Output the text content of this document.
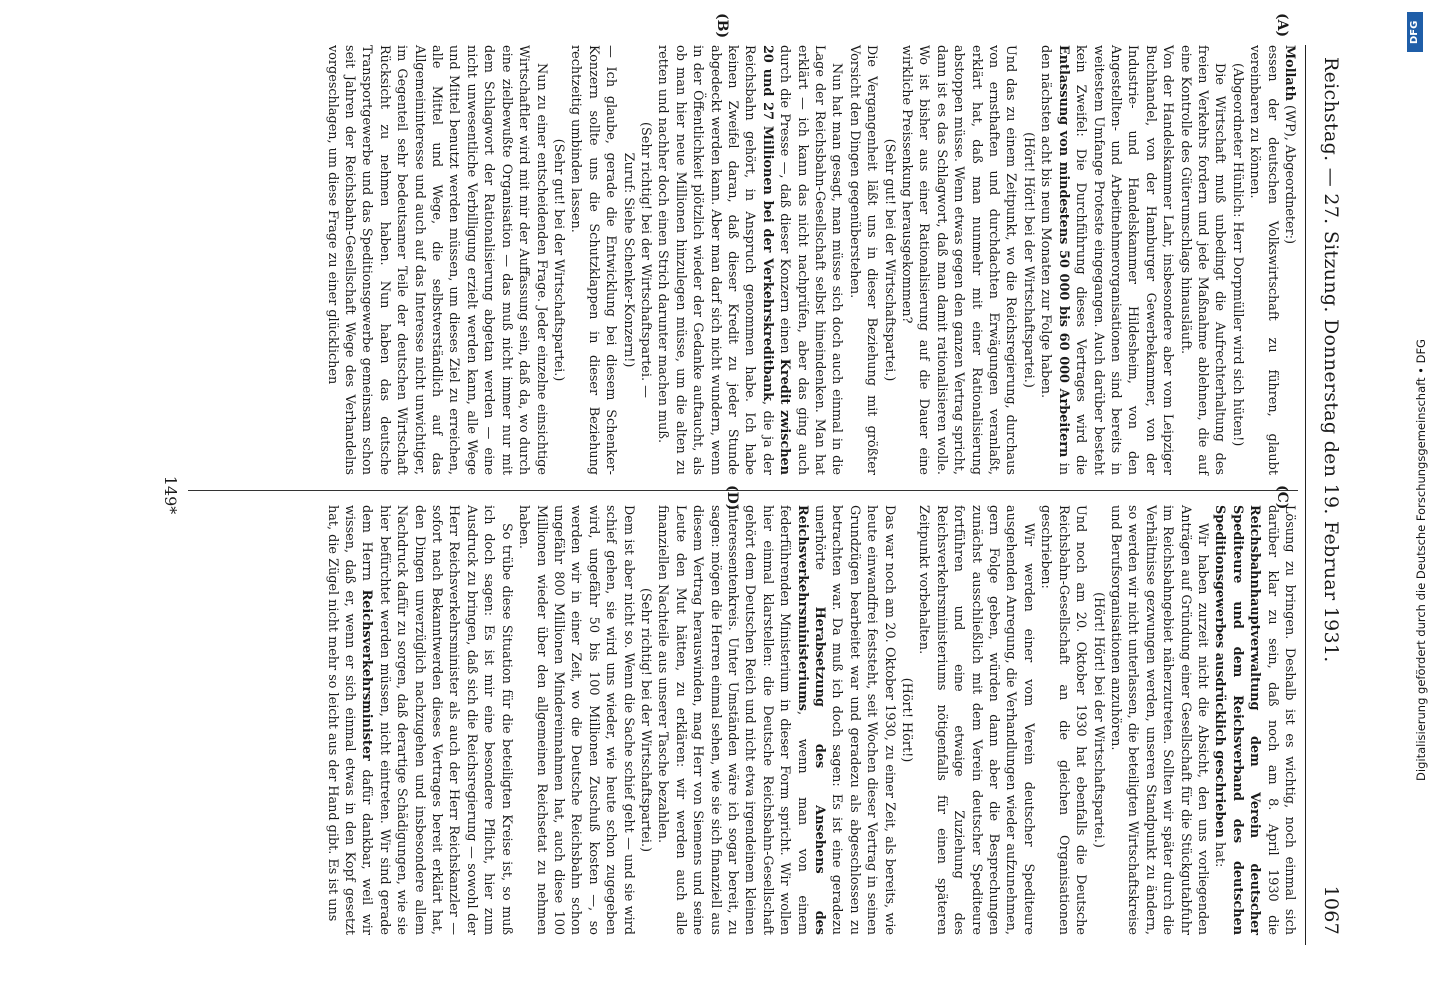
Reichstag. — 27. Sitzung. Donnerstag den 19. Februar 1931.
1067

Mollath (WP), Abgeordneter:)

essen der deutschen Volkswirtschaft zu führen, glaubt vereinbaren zu können.

(Abgeordneter Hünlich: Herr Dorpmüller wird sich hüten!)

Die Wirtschaft muß unbedingt die Aufrechterhaltung des freien Verkehrs fordern und jede Maßnahme ablehnen, die auf eine Kontrolle des Güterumschlags hinausläuft.

Von der Handelskammer Lahr, insbesondere aber vom Leipziger Buchhandel, von der Hamburger Gewerbekammer, von der Industrie- und Handelskammer Hildesheim, von den Angestellten- und Arbeitnehmerorganisationen sind bereits in weitestem Umfange Proteste eingegangen. Auch darüber besteht kein Zweifel: Die Durchführung dieses Vertrages wird die Entlassung von mindestens 50 000 bis 60 000 Arbeitern in den nächsten acht bis neun Monaten zur Folge haben.

(Hört! Hört! bei der Wirtschaftspartei.)

Und das zu einem Zeitpunkt, wo die Reichsregierung, durchaus von ernsthaften und durchdachten Erwägungen veranlaßt, erklärt hat, daß man nunmehr mit einer Rationalisierung abstoppen müsse. Wenn etwas gegen den ganzen Vertrag spricht, dann ist es das Schlagwort, daß man damit rationalisieren wolle. Wo ist bisher aus einer Rationalisierung auf die Dauer eine wirkliche Preissenkung herausgekommen?

(Sehr gut! bei der Wirtschaftspartei.)

Die Vergangenheit läßt uns in dieser Beziehung mit größter Vorsicht den Dingen gegenüberstehen.

Nun hat man gesagt, man müsse sich doch auch einmal in die Lage der Reichsbahn-Gesellschaft selbst hineindenken. Man hat erklärt — ich kann das nicht nachprüfen, aber das ging auch durch die Presse —, daß dieser Konzern einen Kredit zwischen 20 und 27 Millionen bei der Verkehrskreditbank, die ja der Reichsbahn gehört, in Anspruch genommen habe. Ich habe keinen Zweifel daran, daß dieser Kredit zu jeder Stunde abgedeckt werden kann. Aber man darf sich nicht wundern, wenn in der Öffentlichkeit plötzlich wieder der Gedanke auftaucht, als ob man hier neue Millionen hinzulegen müsse, um die alten zu retten und nachher doch einen Strich darunter machen muß.

(Sehr richtig! bei der Wirtschaftspartei. —

Zuruf: Siehe Schenker-Konzern!)

— Ich glaube, gerade die Entwicklung bei diesem Schenker-Konzern sollte uns die Schutzklappen in dieser Beziehung rechtzeitig umbinden lassen.

(Sehr gut! bei der Wirtschaftspartei.)

Nun zu einer entscheidenden Frage. Jeder einzelne einsichtige Wirtschaftler wird mit mir der Auffassung sein, daß da, wo durch eine zielbewußte Organisation — das muß nicht immer nur mit dem Schlagwort der Rationalisierung abgetan werden — eine nicht unwesentliche Verbilligung erzielt werden kann, alle Wege und Mittel benutzt werden müssen, um dieses Ziel zu erreichen, alle Mittel und Wege, die selbstverständlich auf das Allgemeininteresse und auch auf das Interesse nicht unwichtiger, im Gegenteil sehr bedeutsamer Teile der deutschen Wirtschaft Rücksicht zu nehmen haben. Nun haben das deutsche Transportgewerbe und das Speditionsgewerbe gemeinsam schon seit Jahren der Reichsbahn-Gesellschaft Wege des Verhandelns vorgeschlagen, um diese Frage zu einer glücklichen

Lösung zu bringen. Deshalb ist es wichtig, noch einmal sich darüber klar zu sein, daß noch am 8. April 1930 die Reichsbahnhauptverwaltung dem Verein deutscher Spediteure und dem Reichsverband des deutschen Speditionsgewerbes ausdrücklich geschrieben hat:

Wir haben zurzeit nicht die Absicht, den uns vorliegenden Anträgen auf Gründung einer Gesellschaft für die Stückgutabfuhr im Reichsbahngebiet näherzutreten. Sollten wir später durch die Verhältnisse gezwungen werden, unseren Standpunkt zu ändern, so werden wir nicht unterlassen, die beteiligten Wirtschaftskreise und Berufsorganisationen anzuhören.

(Hört! Hört! bei der Wirtschaftspartei.)

Und noch am 20. Oktober 1930 hat ebenfalls die Deutsche Reichsbahn-Gesellschaft an die gleichen Organisationen geschrieben:

Wir werden einer vom Verein deutscher Spediteure ausgehenden Anregung, die Verhandlungen wieder aufzunehmen, gern Folge geben, würden dann aber die Besprechungen zunächst ausschließlich mit dem Verein deutscher Spediteure fortführen und eine etwaige Zuziehung des Reichsverkehrsministeriums nötigenfalls für einen späteren Zeitpunkt vorbehalten.

(Hört! Hört!)

Das war noch am 20. Oktober 1930, zu einer Zeit, als bereits, wie heute einwandfrei feststeht, seit Wochen dieser Vertrag in seinen Grundzügen bearbeitet war und geradezu als abgeschlossen zu betrachten war. Da muß ich doch sagen: Es ist eine geradezu unerhörte Herabsetzung des Ansehens des Reichsverkehrsministeriums, wenn man von einem federführenden Ministerium in dieser Form spricht. Wir wollen hier einmal klarstellen: die Deutsche Reichsbahn-Gesellschaft gehört dem Deutschen Reich und nicht etwa irgendeinem kleinen Interessentenkreis. Unter Umständen wäre ich sogar bereit, zu sagen: mögen die Herren einmal sehen, wie sie sich finanziell aus diesem Vertrag herauswinden, mag Herr von Siemens und seine Leute den Mut hätten, zu erklären: wir werden auch alle finanziellen Nachteile aus unserer Tasche bezahlen.

(Sehr richtig! bei der Wirtschaftspartei.)

Dem ist aber nicht so. Wenn die Sache schief geht — und sie wird schief gehen, sie wird uns wieder, wie heute schon zugegeben wird, ungefähr 50 bis 100 Millionen Zuschuß kosten —, so werden wir in einer Zeit, wo die Deutsche Reichsbahn schon ungefähr 800 Millionen Mindereinnahmen hat, auch diese 100 Millionen wieder über den allgemeinen Reichsetat zu nehmen haben.

So trübe diese Situation für die beteiligten Kreise ist, so muß ich doch sagen: Es ist mir eine besondere Pflicht, hier zum Ausdruck zu bringen, daß sich die Reichsregierung — sowohl der Herr Reichsverkehrsminister als auch der Herr Reichskanzler — sofort nach Bekanntwerden dieses Vertrages bereit erklärt hat, den Dingen unverzüglich nachzugehen und insbesondere allem Nachdruck dafür zu sorgen, daß derartige Schädigungen, wie sie hier befürchtet werden müssen, nicht eintreten. Wir sind gerade dem Herrn Reichsverkehrsminister dafür dankbar, weil wir wissen, daß er, wenn er sich einmal etwas in den Kopf gesetzt hat, die Zügel nicht mehr so leicht aus der Hand gibt. Es ist uns

(A)
(B)
(C)
(D)
149*
DFG
Digitalisierung gefördert durch die Deutsche Forschungsgemeinschaft • DFG
